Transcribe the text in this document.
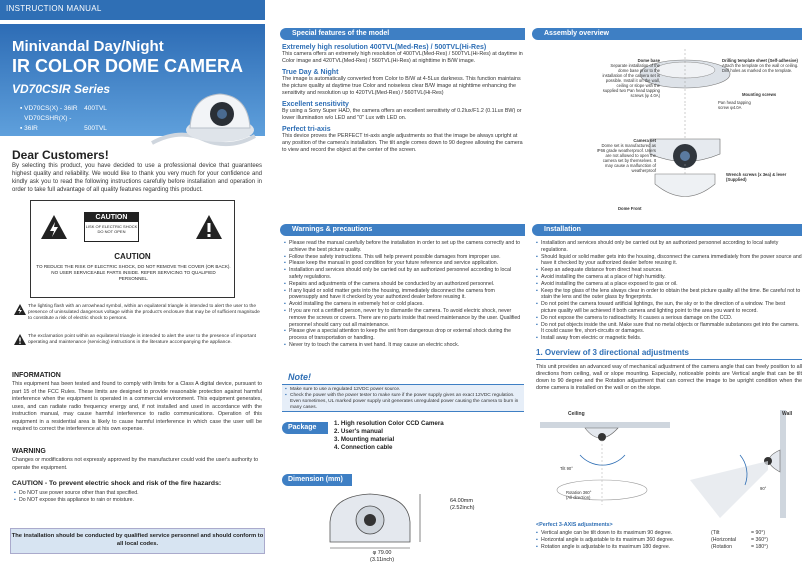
INSTRUCTION MANUAL
Minivandal Day/Night
IR COLOR DOME CAMERA
VD70CSIR Series
▪ VD70CS(X) - 36IR 400TVL
▪ VD70CSHR(X) - 36IR	500TVL
Dear Customers!
By selecting this product, you have decided to use a professional device that guarantees highest quality and reliability. We would like to thank you very much for your confidence and kindly ask you to read the following instructions carefully before installation and operation in order to take full advantage of all quality features regarding this product.
CAUTION
LISK OF ELECTRIC SHOCK DO NOT OPEN
CAUTION
TO REDUCE THE RISK OF ELECTRIC SHOCK, DO NOT REMOVE THE COVER (OR BACK). NO USER SERVICEABLE PARTS INSIDE. REFER SERVICING TO QUALIFIED PERSONNEL.
The lighting flash with an arrowhead symbol, within an equilateral triangle is intended to alert the user to the presence of uninsulated dangerous voltage within the product's enclosure that may be of sufficient magnitude to constitute a risk of electric shock to persons.
The exclamation point within an equilateral triangle is intended to alert the user to the presence of important operating and maintenance (servicing) instructions in the literature accompanying the appliance.
INFORMATION
This equipment has been tested and found to comply with limits for a Class A digital device, pursuant to part 15 of the FCC Rules. These limits are designed to provide reasonable protection against harmful interference when the equipment is operated in a commercial environment. This equipment generates, uses, and can radiate radio frequency energy and, if not installed and used in accordance with the instruction manual, may cause harmful interference to radio communications. Operation of this equipment in a residential area is likely to cause harmful interference in which case the user will be required to correct the interference at his own expense.
WARNING
Changes or modifications not expressly approved by the manufacturer could void the user's authority to operate the equipment.
CAUTION - To prevent electric shock and risk of the fire hazards:
▪ Do NOT use power source other than that specified.
▪ Do NOT expose this appliance to rain or moisture.
The installation should be conducted by qualified service personnel and should conform to all local codes.
Special features of the model
Extremely high resolution 400TVL(Med-Res) / 500TVL(Hi-Res)
This camera offers an extremely high resolution of 400TVL(Med-Res) / 500TVL(Hi-Res) at daytime in Color image and 420TVL(Med-Res) / 560TVL(Hi-Res) at nighttime in B/W image.
True Day & Night
The image is automatically converted from Color to B/W at 4-5Lux darkness. This function maintains the picture quality at daytime true Color and noiseless clear B/W image at nighttime enhancing the sensitivity and resolution up to 420TVL(Med-Res) / 560TVL(Hi-Res)
Excellent sensitivity
By using a Sony Super HAD, the camera offers an excellent sensitivity of 0.2lux/F1.2 (0.1Lux BW) or lower illumination w/o LED and "0" Lux with LED on.
Perfect tri-axis
This device proves the PERFECT tri-axis angle adjustments so that the image be always upright at any position of the camera's installation. The tilt angle comes down to 90 degree allowing the camera to view and record the object at the center of the screen.
Warnings & precautions
▪ Please read the manual carefully before the installation in order to set up the camera correctly and to achieve the best picture quality.
▪ Follow these safety instructions. This will help prevent possible damages from improper use.
▪ Please keep the manual in good condition for your future reference and service application.
▪ Installation and services should only be carried out by an authorized personnel according to local safety regulations.
▪ Repairs and adjustments of the camera should be conducted by an authorized personnel.
▪ If any liquid or solid matter gets into the housing, immediately disconnect the camera from powersupply and have it checked by your authorized dealer before reusing it.
▪ Avoid installing the camera in extremely hot or cold places.
▪ If you are not a certified person, never try to dismantle the camera. To avoid electric shock, never remove the screws or covers. There are no parts inside that need maintenance by the user. Qualified personnel should carry out all maintenance.
▪ Please give a special attention to keep the unit from dangerous drop or external shock during the process of transportation or handling.
▪ Never try to touch the camera in wet hand. It may cause an electric shock.
Note!
▪ Make sure to use a regulated 12VDC power source.
▪ Check the power with the power tester to make sure if the power supply gives an exact 12VDC regulation. Even sometimes, UL marked power supply unit generates unregulated power causing the camera to burn in many cases.
Package
1. High resolution Color CCD Camera
2. User's manual
3. Mounting material
4. Connection cable
Dimension (mm)
64.00mm
(2.52inch)
φ 79.00
(3.11inch)
Assembly overview
Dome base
Separate installation of the dome base prior to the installation of the camera set is possible. Install it on the wall, ceiling or slope with the supplied two Pan head tapping screws (φ 4.0A)
Drilling template sheet (Self-adhesive)
Attach the template on the wall or ceiling. Drill holes as marked on the template.
Mounting screws
Pan head tapping screw φ4.0A
Camera set
Dome set is manufactured as IP66 grade weatherproof. Users are not allowed to open the camera set by themselves. It may cause a malfunction of weatherproof
Wrench screws (x 3ea) & lever (Supplied)
Dome Front
Installation
▪ Installation and services should only be carried out by an authorized personnel according to local safety regulations.
▪ Should liquid or solid matter gets into the housing, disconnect the camera immediately from the power source and have it checked by your authorized dealer before reusing it.
▪ Keep an adequate distance from direct heat sources.
▪ Avoid installing the camera at a place of high humidity.
▪ Avoid installing the camera at a place exposed to gas or oil.
▪ Keep the top glass of the lens always clear in order to obtain the best picture quality all the time. Be careful not to stain the lens and the outer glass by fingerprints.
▪ Do not point the camera toward artificial lightings, the sun, the sky or to the direction of a window. The best picture quality will be achieved if both camera and lighting point to the area you want to record.
▪ Do not expose the camera to radioactivity. It causes a serious damage on the CCD.
▪ Do not put objects inside the unit. Make sure that no metal objects or flammable substances get into the camera. It could cause fire, short-circuits or damages.
▪ Install away from electric or magnetic fields.
1. Overview of 3 directional adjustments
This unit provides an advanced way of mechanical adjustment of the camera angle that can freely position to all directions from ceiling, wall or slope mounting. Especially, noticeable points are Vertical angle that can be tilt down to 90 degree and the Rotation adjustment that can correct the image to be upright condition when the dome camera is installed on the wall or on the slope.
Ceiling	Wall
Tilt 90°
Rotation 360°
(All direction)
90°
<Perfect 3-AXIS adjustments>
▪ Vertical angle can be tilt down to its maximum 90 degree.	(Tilt	= 90°)
▪ Horizontal angle is adjustable to its maximum 360 degree.	(Horizontal	= 360°)
▪ Rotation angle is adjustable to its maximum 180 degree.	(Rotation	= 180°)
